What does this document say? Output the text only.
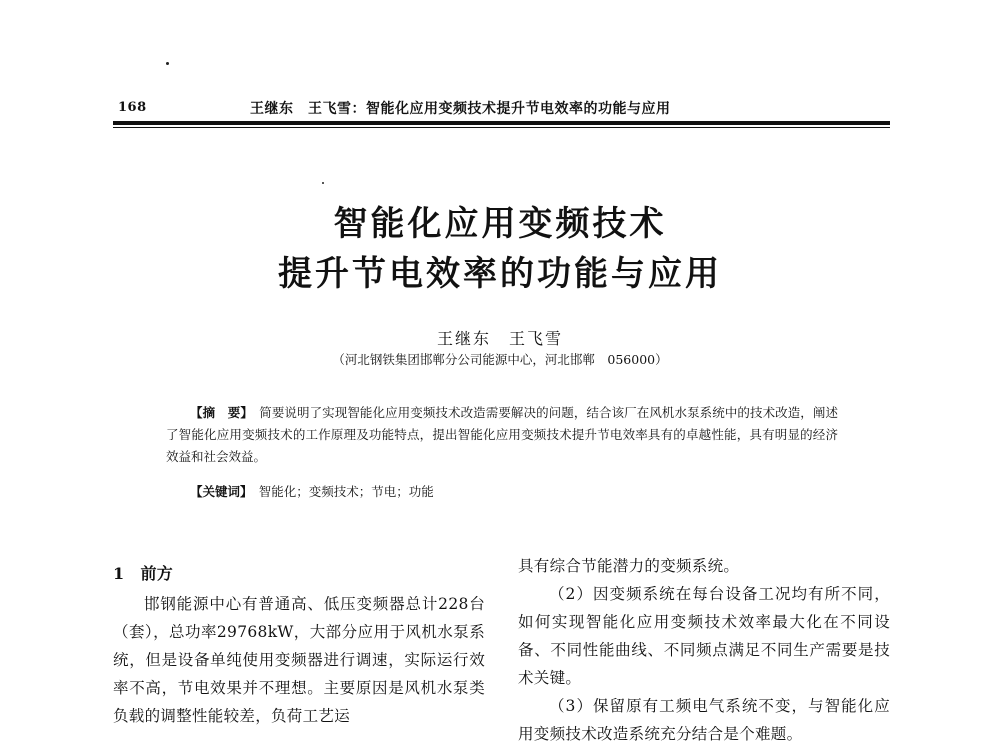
168	王继东　王飞雪：智能化应用变频技术提升节电效率的功能与应用
智能化应用变频技术
提升节电效率的功能与应用
王继东　王飞雪
（河北钢铁集团邯郸分公司能源中心，河北邯郸　056000）

【摘　要】　 简要说明了实现智能化应用变频技术改造需要解决的问题，结合该厂在风机水泵系统中的技术改造，阐述了智能化应用变频技术的工作原理及功能特点，提出智能化应用变频技术提升节电效率具有的卓越性能，具有明显的经济效益和社会效益。

【关键词】　 智能化；变频技术；节电；功能

1 前方

邯钢能源中心有普通高、低压变频器总计228台（套），总功率29768kW，大部分应用于风机水泵系统，但是设备单纯使用变频器进行调速，实际运行效率不高，节电效果并不理想。主要原因是风机水泵类负载的调整性能较差，负荷工艺运

具有综合节能潜力的变频系统。

（2）因变频系统在每台设备工况均有所不同，如何实现智能化应用变频技术效率最大化在不同设备、不同性能曲线、不同频点满足不同生产需要是技术关键。

（3）保留原有工频电气系统不变，与智能化应用变频技术改造系统充分结合是个难题。
